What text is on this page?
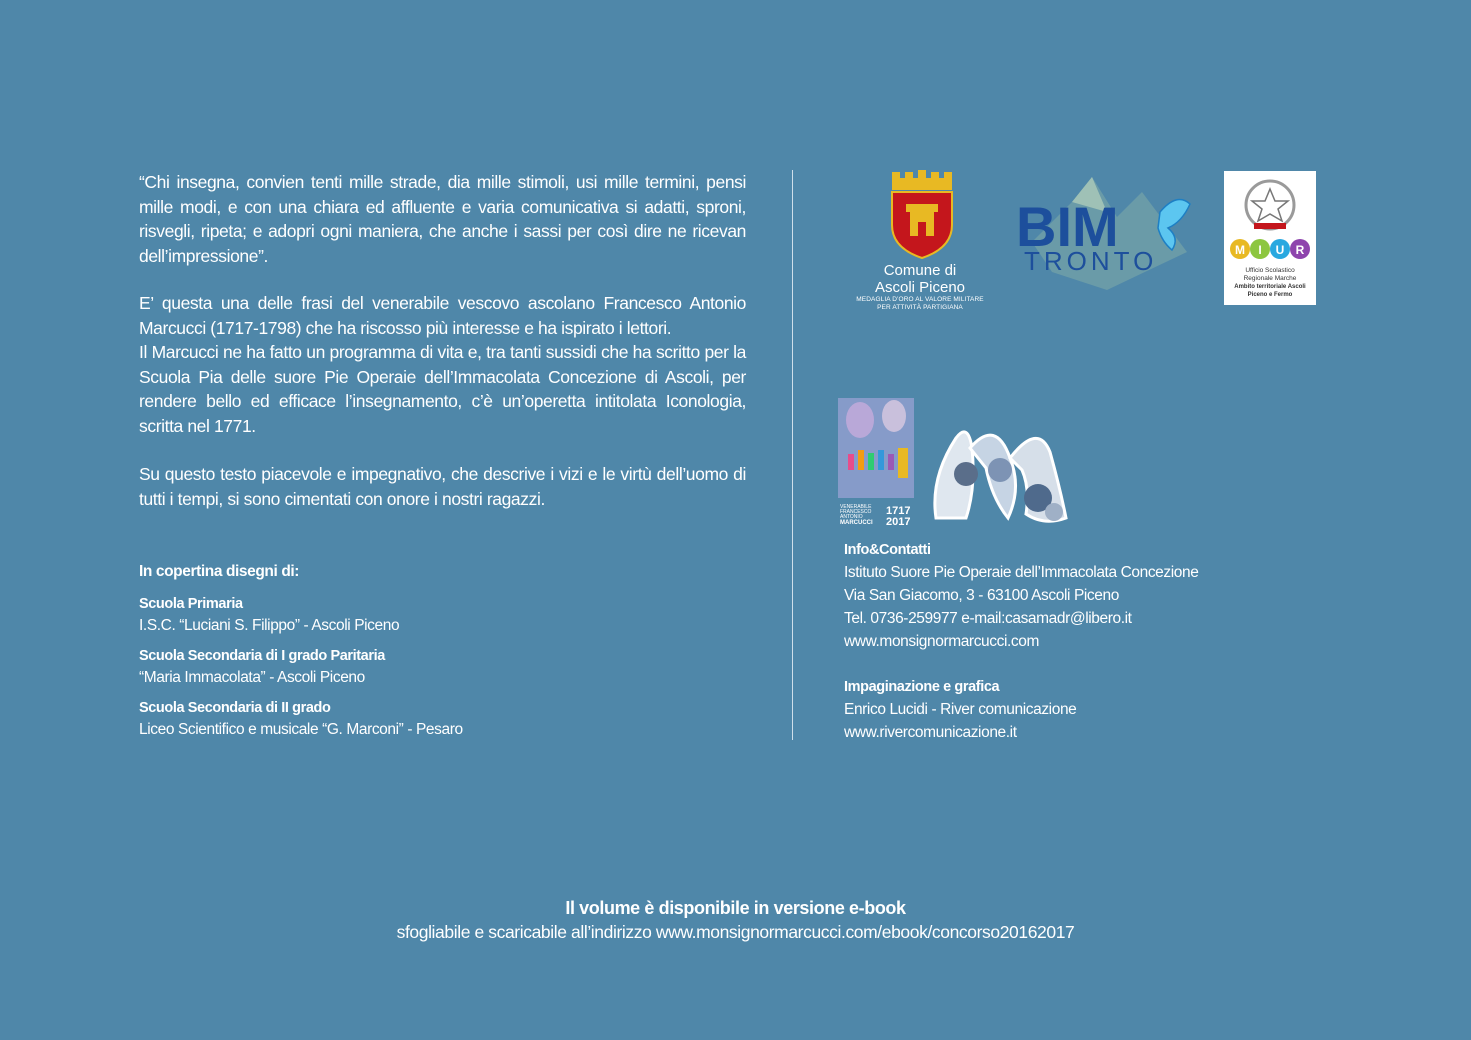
“Chi insegna, convien tenti mille strade, dia mille stimoli, usi mille termini, pensi mille modi, e con una chiara ed affluente e varia comunicativa si adatti, sproni, risvegli, ripeta; e adopri ogni maniera, che anche i sassi per così dire ne ricevan dell’impressione”.
E’ questa una delle frasi del venerabile vescovo ascolano Francesco Antonio Marcucci (1717-1798) che ha riscosso più interesse e ha ispirato i lettori.
Il Marcucci ne ha fatto un programma di vita e, tra tanti sussidi che ha scritto per la Scuola Pia delle suore Pie Operaie dell’Immacolata Concezione di Ascoli, per rendere bello ed efficace l’insegnamento, c’è un’operetta intitolata Iconologia, scritta nel 1771.
Su questo testo piacevole e impegnativo, che descrive i vizi e le virtù dell’uomo di tutti i tempi, si sono cimentati con onore i nostri ragazzi.
In copertina disegni di:
Scuola Primaria
I.S.C. “Luciani S. Filippo” - Ascoli Piceno
Scuola Secondaria di I grado Paritaria
“Maria Immacolata” - Ascoli Piceno
Scuola Secondaria di II grado
Liceo Scientifico e musicale “G. Marconi” - Pesaro
Comune di
Ascoli Piceno
MEDAGLIA D’ORO AL VALORE MILITARE
PER ATTIVITÀ PARTIGIANA
BIM
TRONTO	M I U R
Ufficio Scolastico
Regionale Marche
Ambito territoriale Ascoli
Piceno e Fermo
VENERABILE
FRANCESCO
ANTONIO
MARCUCCI
1717
2017
Info&Contatti
Istituto Suore Pie Operaie dell’Immacolata Concezione
Via San Giacomo, 3 - 63100 Ascoli Piceno
Tel. 0736-259977 e-mail:casamadr@libero.it
www.monsignormarcucci.com
Impaginazione e grafica
Enrico Lucidi - River comunicazione
www.rivercomunicazione.it
Il volume è disponibile in versione e-book
sfogliabile e scaricabile all’indirizzo www.monsignormarcucci.com/ebook/concorso20162017
